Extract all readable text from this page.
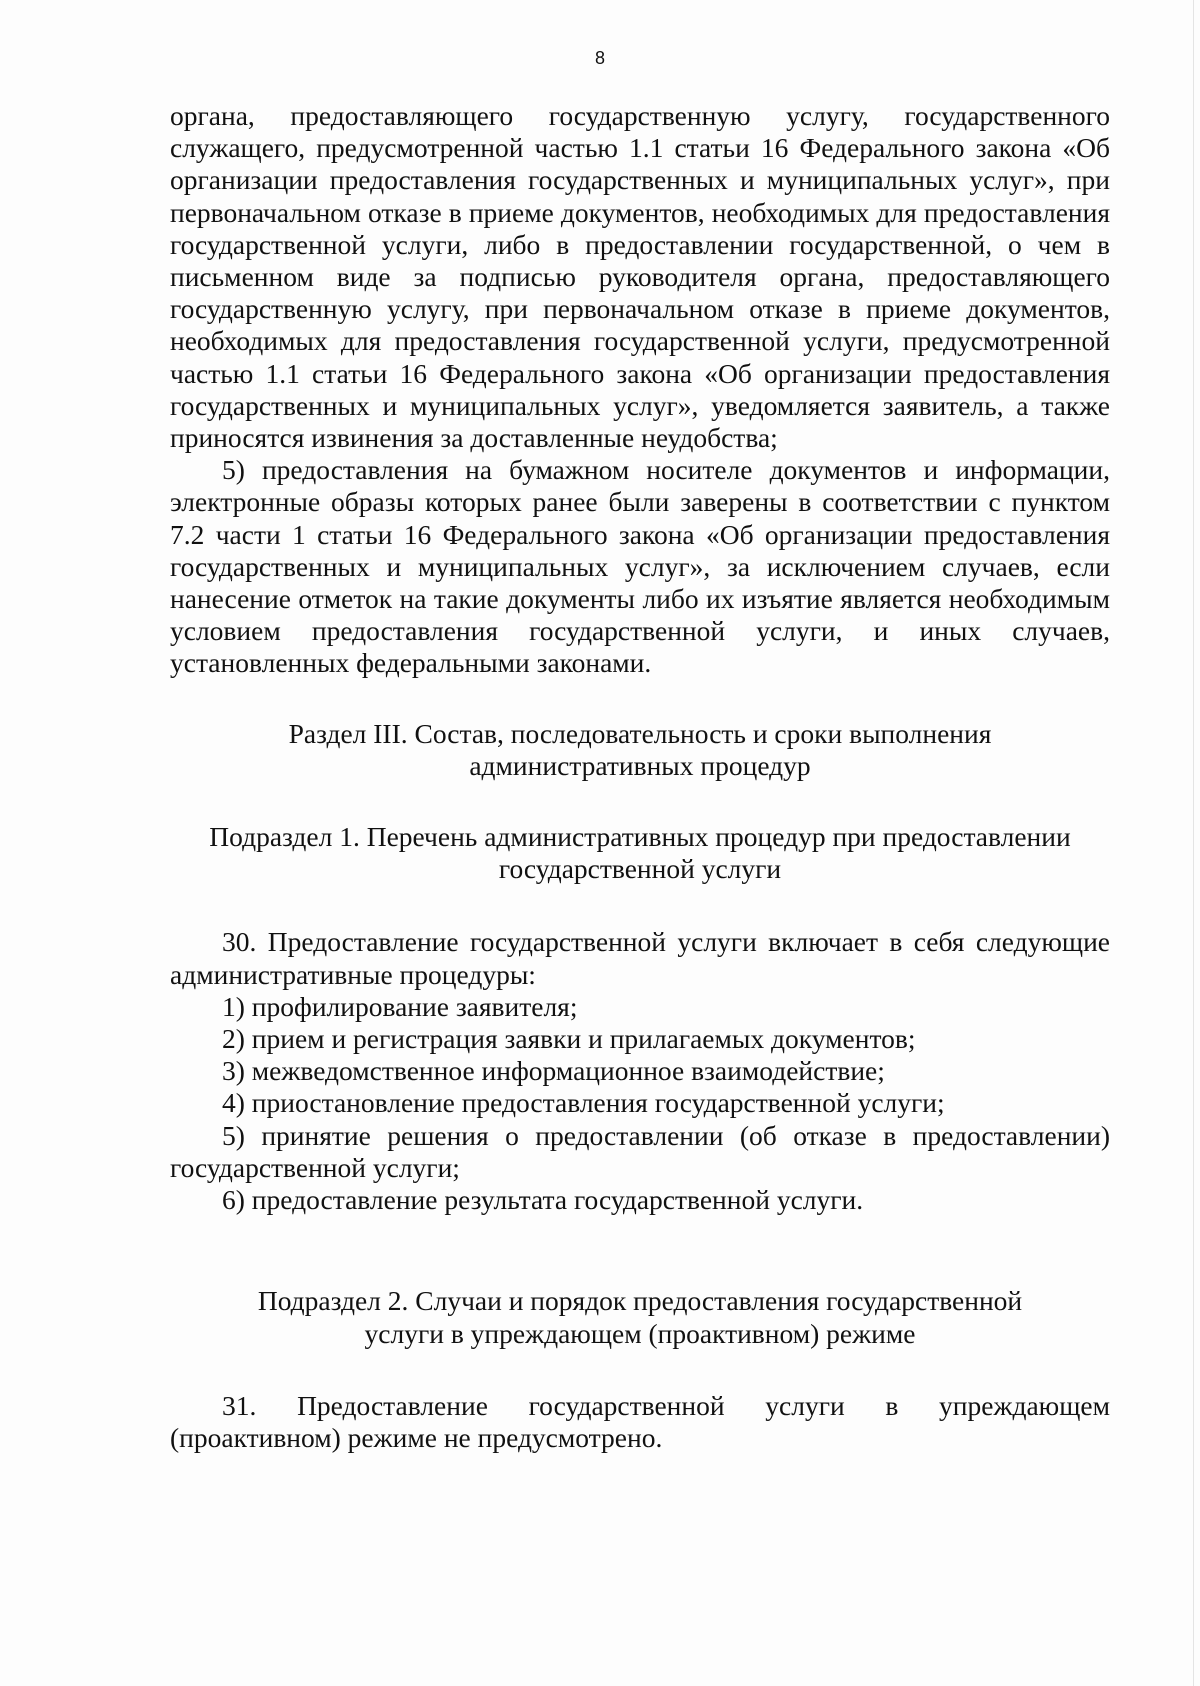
8

органа, предоставляющего государственную услугу, государственного служащего, предусмотренной частью 1.1 статьи 16 Федерального закона «Об организации предоставления государственных и муниципальных услуг», при первоначальном отказе в приеме документов, необходимых для предоставления государственной услуги, либо в предоставлении государственной, о чем в письменном виде за подписью руководителя органа, предоставляющего государственную услугу, при первоначальном отказе в приеме документов, необходимых для предоставления государственной услуги, предусмотренной частью 1.1 статьи 16 Федерального закона «Об организации предоставления государственных и муниципальных услуг», уведомляется заявитель, а также приносятся извинения за доставленные неудобства;

5) предоставления на бумажном носителе документов и информации, электронные образы которых ранее были заверены в соответствии с пунктом 7.2 части 1 статьи 16 Федерального закона «Об организации предоставления государственных и муниципальных услуг», за исключением случаев, если нанесение отметок на такие документы либо их изъятие является необходимым условием предоставления государственной услуги, и иных случаев, установленных федеральными законами.

Раздел III. Состав, последовательность и сроки выполнения
административных процедур
Подраздел 1. Перечень административных процедур при предоставлении
государственной услуги

30. Предоставление государственной услуги включает в себя следующие административные процедуры:

1) профилирование заявителя;

2) прием и регистрация заявки и прилагаемых документов;

3) межведомственное информационное взаимодействие;

4) приостановление предоставления государственной услуги;

5) принятие решения о предоставлении (об отказе в предоставлении) государственной услуги;

6) предоставление результата государственной услуги.

Подраздел 2. Случаи и порядок предоставления государственной
услуги в упреждающем (проактивном) режиме

31. Предоставление государственной услуги в упреждающем (проактивном) режиме не предусмотрено.
